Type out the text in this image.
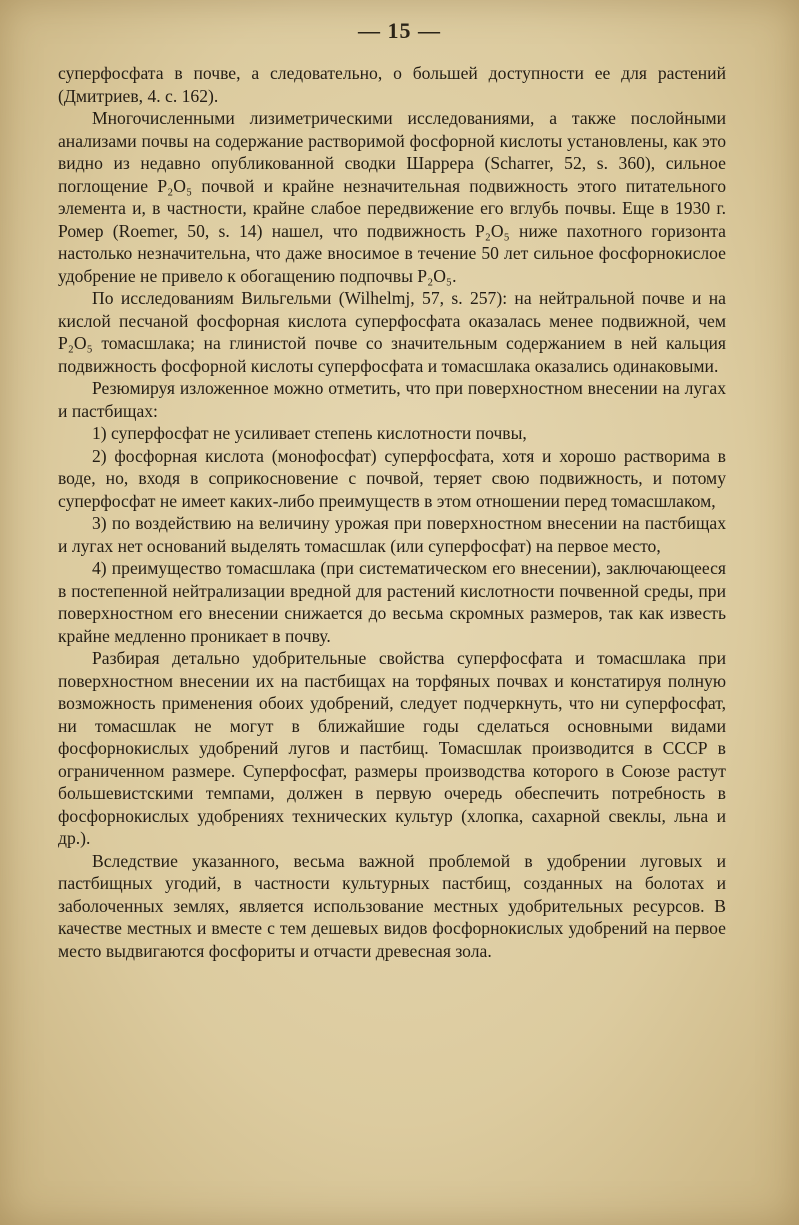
— 15 —

суперфосфата в почве, а следовательно, о большей доступности ее для растений (Дмитриев, 4. с. 162).

Многочисленными лизиметрическими исследованиями, а также послойными анализами почвы на содержание растворимой фосфорной кислоты установлены, как это видно из недавно опубликованной сводки Шаррера (Scharrer, 52, s. 360), сильное поглощение P₂O₅ почвой и крайне незначительная подвижность этого питательного элемента и, в частности, крайне слабое передвижение его вглубь почвы. Еще в 1930 г. Ромер (Roemer, 50, s. 14) нашел, что подвижность P₂O₅ ниже пахотного горизонта настолько незначительна, что даже вносимое в течение 50 лет сильное фосфорнокислое удобрение не привело к обогащению подпочвы P₂O₅.

По исследованиям Вильгельми (Wilhelmj, 57, s. 257): на нейтральной почве и на кислой песчаной фосфорная кислота суперфосфата оказалась менее подвижной, чем P₂O₅ томасшлака; на глинистой почве со значительным содержанием в ней кальция подвижность фосфорной кислоты суперфосфата и томасшлака оказались одинаковыми.

Резюмируя изложенное можно отметить, что при поверхностном внесении на лугах и пастбищах:

1) суперфосфат не усиливает степень кислотности почвы,

2) фосфорная кислота (монофосфат) суперфосфата, хотя и хорошо растворима в воде, но, входя в соприкосновение с почвой, теряет свою подвижность, и потому суперфосфат не имеет каких-либо преимуществ в этом отношении перед томасшлаком,

3) по воздействию на величину урожая при поверхностном внесении на пастбищах и лугах нет оснований выделять томасшлак (или суперфосфат) на первое место,

4) преимущество томасшлака (при систематическом его внесении), заключающееся в постепенной нейтрализации вредной для растений кислотности почвенной среды, при поверхностном его внесении снижается до весьма скромных размеров, так как известь крайне медленно проникает в почву.

Разбирая детально удобрительные свойства суперфосфата и томасшлака при поверхностном внесении их на пастбищах на торфяных почвах и констатируя полную возможность применения обоих удобрений, следует подчеркнуть, что ни суперфосфат, ни томасшлак не могут в ближайшие годы сделаться основными видами фосфорнокислых удобрений лугов и пастбищ. Томасшлак производится в СССР в ограниченном размере. Суперфосфат, размеры производства которого в Союзе растут большевистскими темпами, должен в первую очередь обеспечить потребность в фосфорнокислых удобрениях технических культур (хлопка, сахарной свеклы, льна и др.).

Вследствие указанного, весьма важной проблемой в удобрении луговых и пастбищных угодий, в частности культурных пастбищ, созданных на болотах и заболоченных землях, является использование местных удобрительных ресурсов. В качестве местных и вместе с тем дешевых видов фосфорнокислых удобрений на первое место выдвигаются фосфориты и отчасти древесная зола.
